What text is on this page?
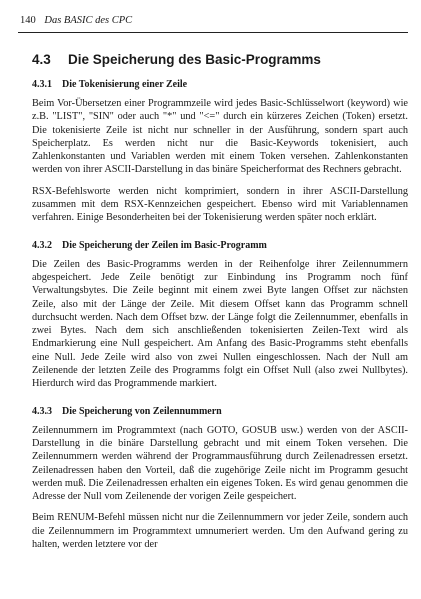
140 Das BASIC des CPC
4.3 Die Speicherung des Basic-Programms
4.3.1 Die Tokenisierung einer Zeile

Beim Vor-Übersetzen einer Programmzeile wird jedes Basic-Schlüsselwort (keyword) wie z.B. "LIST", "SIN" oder auch "*" und "<=" durch ein kürzeres Zeichen (Token) ersetzt. Die tokenisierte Zeile ist nicht nur schneller in der Ausführung, sondern spart auch Speicherplatz. Es werden nicht nur die Basic-Keywords tokenisiert, auch Zahlenkonstanten und Variablen werden mit einem Token versehen. Zahlenkonstanten werden von ihrer ASCII-Darstellung in das binäre Speicherformat des Rechners gebracht.

RSX-Befehlsworte werden nicht komprimiert, sondern in ihrer ASCII-Darstellung zusammen mit dem RSX-Kennzeichen gespeichert. Ebenso wird mit Variablennamen verfahren. Einige Besonderheiten bei der Tokenisierung werden später noch erklärt.

4.3.2 Die Speicherung der Zeilen im Basic-Programm

Die Zeilen des Basic-Programms werden in der Reihenfolge ihrer Zeilennummern abgespeichert. Jede Zeile benötigt zur Einbindung ins Programm noch fünf Verwaltungsbytes. Die Zeile beginnt mit einem zwei Byte langen Offset zur nächsten Zeile, also mit der Länge der Zeile. Mit diesem Offset kann das Programm schnell durchsucht werden. Nach dem Offset bzw. der Länge folgt die Zeilennummer, ebenfalls in zwei Bytes. Nach dem sich anschließenden tokenisierten Zeilen-Text wird als Endmarkierung eine Null gespeichert. Am Anfang des Basic-Programms steht ebenfalls eine Null. Jede Zeile wird also von zwei Nullen eingeschlossen. Nach der Null am Zeilenende der letzten Zeile des Programms folgt ein Offset Null (also zwei Nullbytes). Hierdurch wird das Programmende markiert.

4.3.3 Die Speicherung von Zeilennummern

Zeilennummern im Programmtext (nach GOTO, GOSUB usw.) werden von der ASCII-Darstellung in die binäre Darstellung gebracht und mit einem Token versehen. Die Zeilennummern werden während der Programmausführung durch Zeilenadressen ersetzt. Zeilenadressen haben den Vorteil, daß die zugehörige Zeile nicht im Programm gesucht werden muß. Die Zeilenadressen erhalten ein eigenes Token. Es wird genau genommen die Adresse der Null vom Zeilenende der vorigen Zeile gespeichert.

Beim RENUM-Befehl müssen nicht nur die Zeilennummern vor jeder Zeile, sondern auch die Zeilennummern im Programmtext umnumeriert werden. Um den Aufwand gering zu halten, werden letztere vor der
